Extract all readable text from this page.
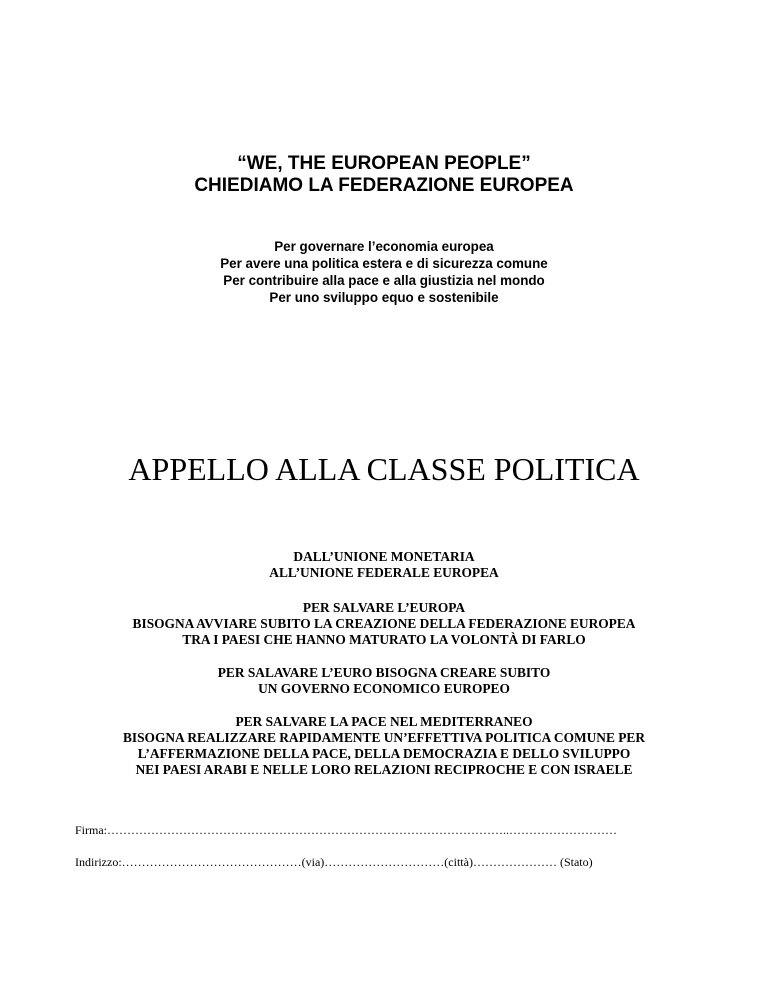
“WE, THE EUROPEAN PEOPLE”
CHIEDIAMO LA FEDERAZIONE EUROPEA
Per governare l’economia europea
Per avere una politica estera e di sicurezza comune
Per contribuire alla pace e alla giustizia nel mondo
Per uno sviluppo equo e sostenibile
APPELLO ALLA CLASSE POLITICA
DALL’UNIONE MONETARIA
ALL’UNIONE FEDERALE EUROPEA
PER SALVARE L’EUROPA
BISOGNA AVVIARE SUBITO LA CREAZIONE DELLA FEDERAZIONE EUROPEA
TRA I PAESI CHE HANNO MATURATO LA VOLONTÀ DI FARLO
PER SALAVARE L’EURO BISOGNA CREARE SUBITO
UN GOVERNO ECONOMICO EUROPEO
PER SALVARE LA PACE NEL MEDITERRANEO
BISOGNA REALIZZARE RAPIDAMENTE UN’EFFETTIVA POLITICA COMUNE PER
L’AFFERMAZIONE DELLA PACE, DELLA DEMOCRAZIA E DELLO SVILUPPO
NEI PAESI ARABI E NELLE LORO RELAZIONI RECIPROCHE E CON ISRAELE
Firma:………………………………………………………………………………………..………………………
Indirizzo:………………………………………(via)…………………………(città)………………… (Stato)
